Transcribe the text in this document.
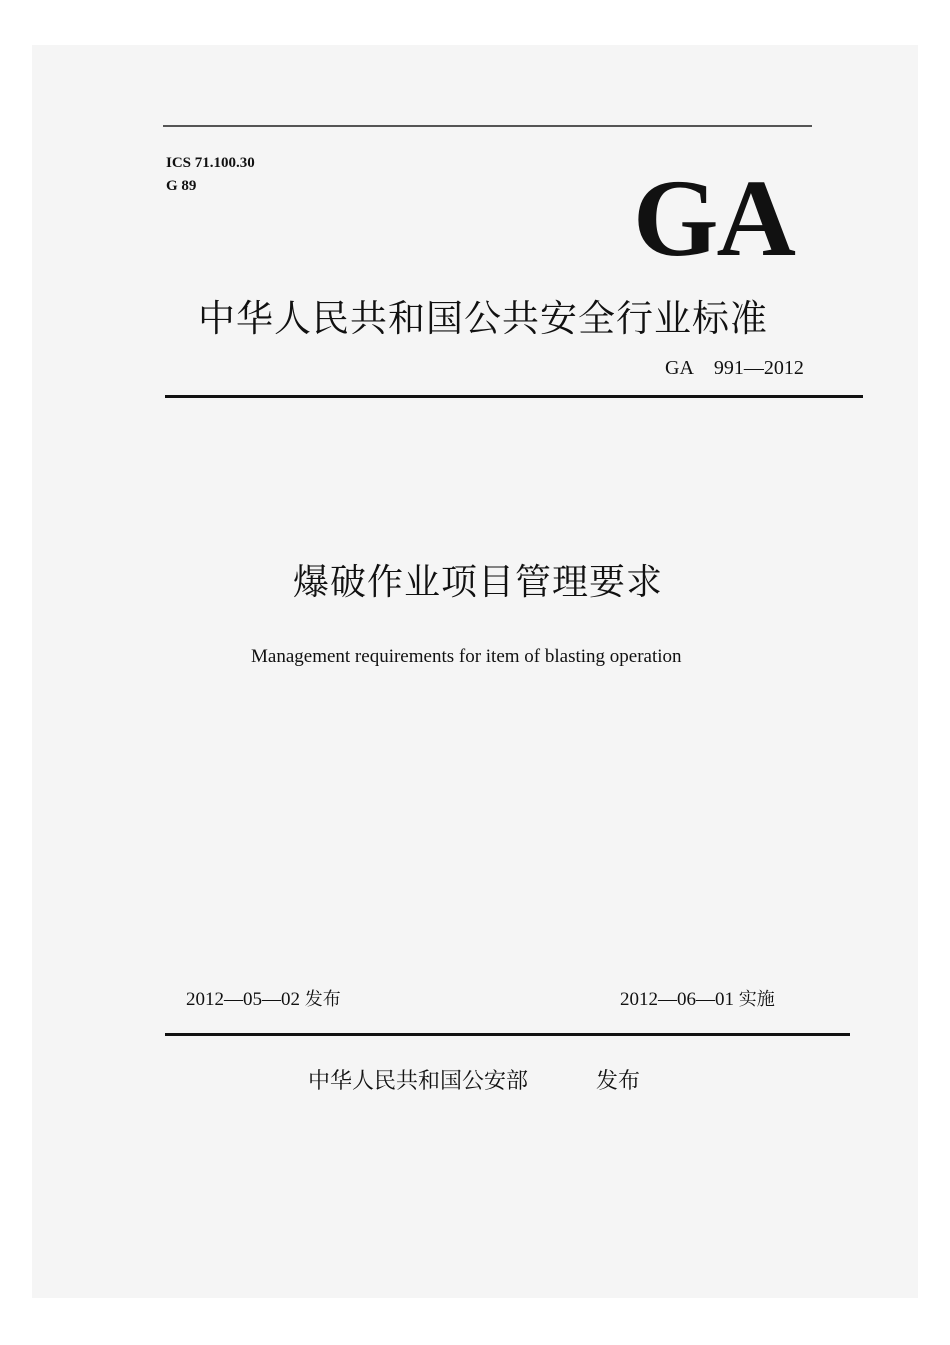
ICS 71.100.30
G 89	GA
中华人民共和国公共安全行业标准
GA 991—2012
爆破作业项目管理要求
Management requirements for item of blasting operation
2012—05—02 发布	2012—06—01 实施
中华人民共和国公安部	发布
